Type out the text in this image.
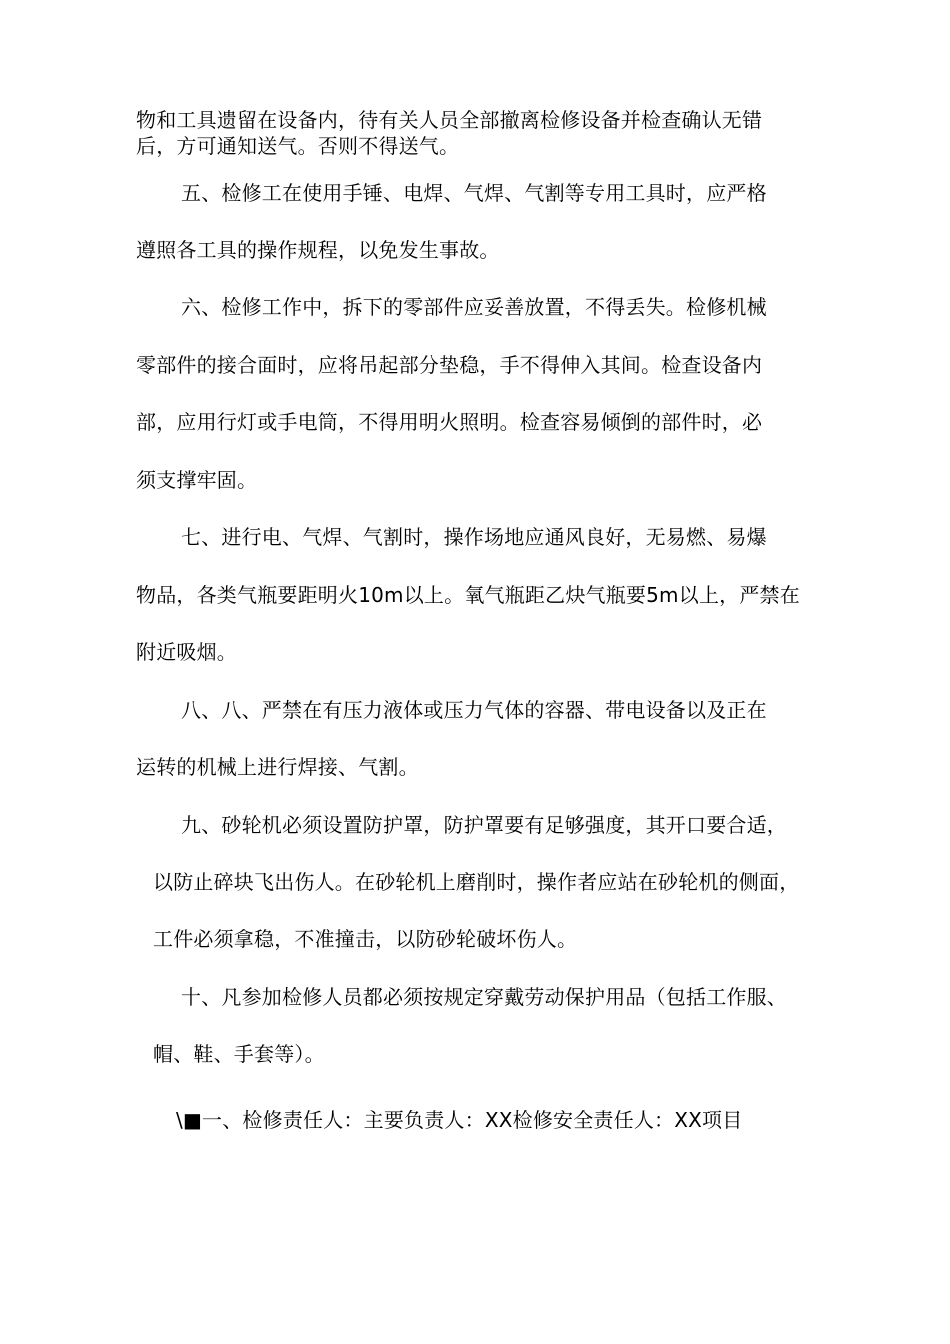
物和工具遗留在设备内，待有关人员全部撤离检修设备并检查确认无错
后，方可通知送气。否则不得送气。
五、检修工在使用手锤、电焊、气焊、气割等专用工具时，应严格
遵照各工具的操作规程，以免发生事故。
六、检修工作中，拆下的零部件应妥善放置，不得丢失。检修机械
零部件的接合面时，应将吊起部分垫稳，手不得伸入其间。检查设备内
部，应用行灯或手电筒，不得用明火照明。检查容易倾倒的部件时，必
须支撑牢固。
七、进行电、气焊、气割时，操作场地应通风良好，无易燃、易爆
物品，各类气瓶要距明火10m以上。氧气瓶距乙炔气瓶要5m以上，严禁在
附近吸烟。
八、八、严禁在有压力液体或压力气体的容器、带电设备以及正在
运转的机械上进行焊接、气割。
九、砂轮机必须设置防护罩，防护罩要有足够强度，其开口要合适，
以防止碎块飞出伤人。在砂轮机上磨削时，操作者应站在砂轮机的侧面，
工件必须拿稳，不准撞击，以防砂轮破坏伤人。
十、凡参加检修人员都必须按规定穿戴劳动保护用品（包括工作服、
帽、鞋、手套等）。
\■一、检修责任人：主要负责人：XX检修安全责任人：XX项目
